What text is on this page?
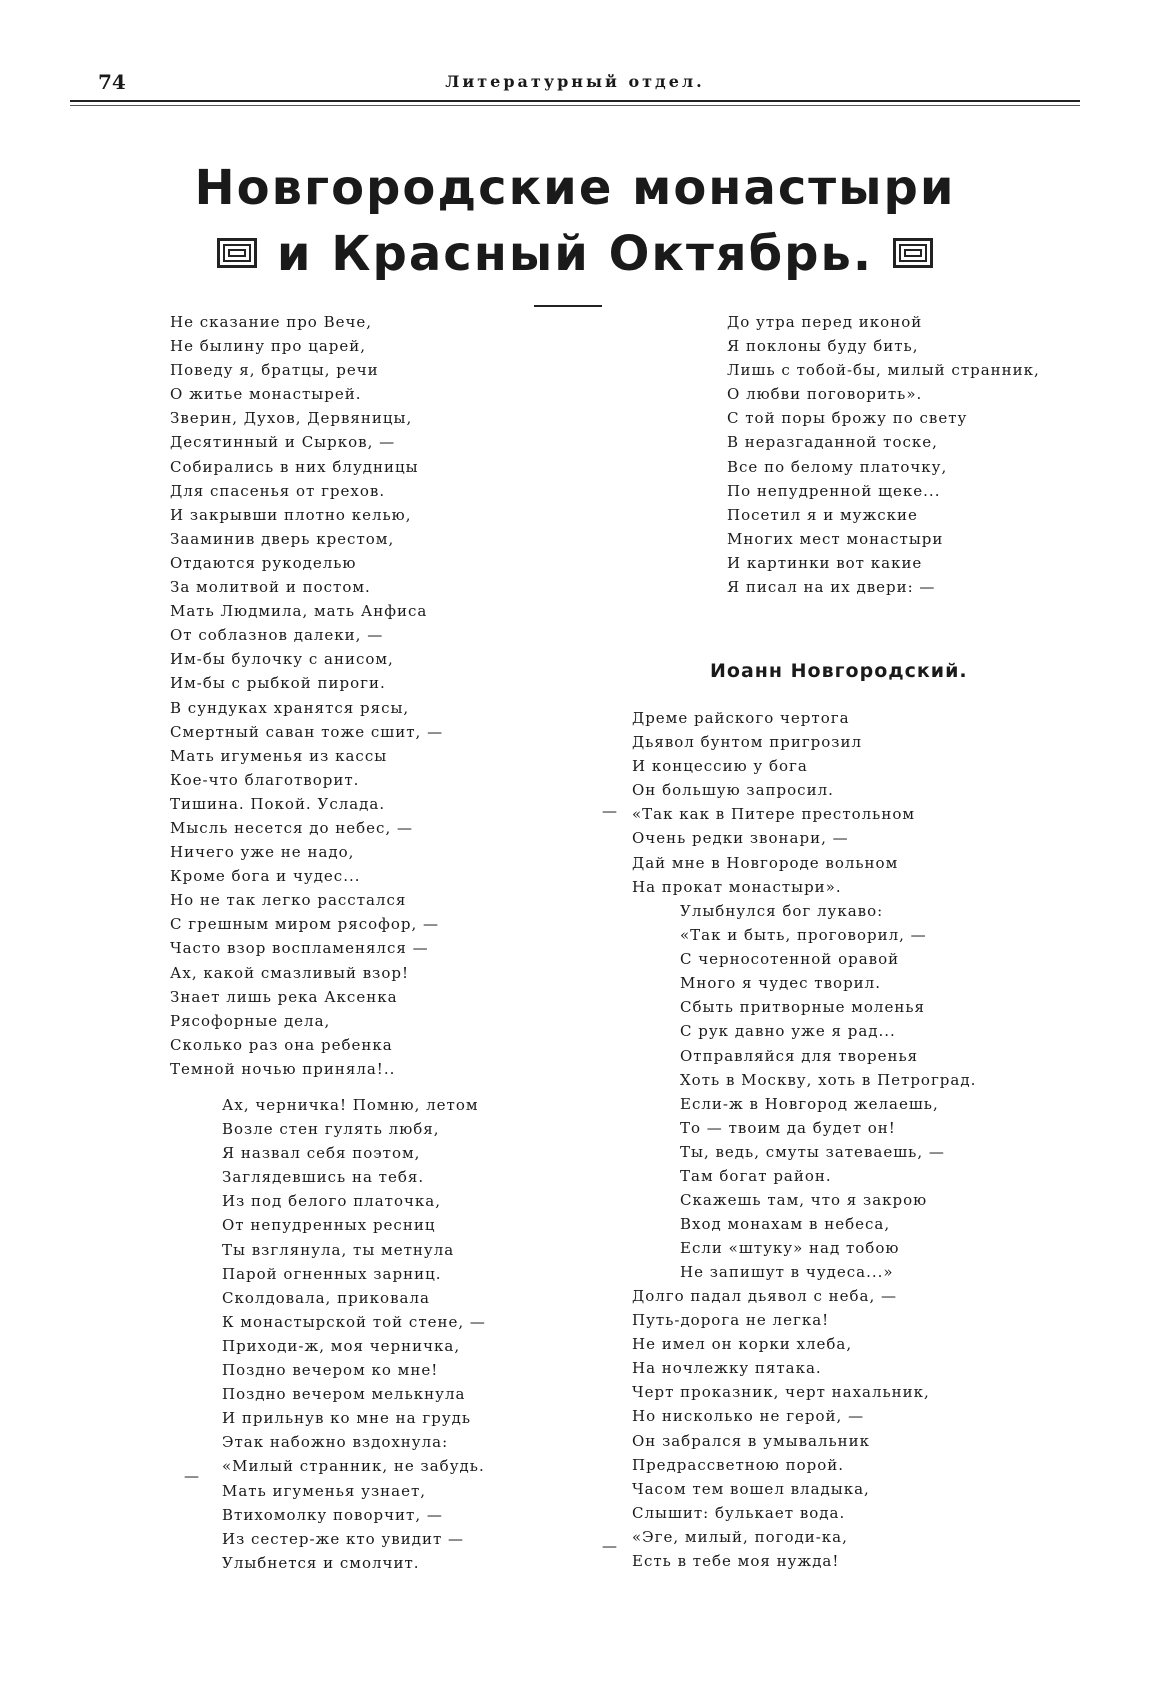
74	Литературный отдел.
Новгородские монастыри
и Красный Октябрь.
Не сказание про Вече,
Не былину про царей,
Поведу я, братцы, речи
О житье монастырей.
Зверин, Духов, Дервяницы,
Десятинный и Сырков, —
Собирались в них блудницы
Для спасенья от грехов.
И закрывши плотно келью,
Зааминив дверь крестом,
Отдаются рукоделью
За молитвой и постом.
Мать Людмила, мать Анфиса
От соблазнов далеки, —
Им-бы булочку с анисом,
Им-бы с рыбкой пироги.
В сундуках хранятся рясы,
Смертный саван тоже сшит, —
Мать игуменья из кассы
Кое-что благотворит.
Тишина. Покой. Услада.
Мысль несется до небес, —
Ничего уже не надо,
Кроме бога и чудес...
Но не так легко расстался
С грешным миром рясофор, —
Часто взор воспламенялся —
Ах, какой смазливый взор!
Знает лишь река Аксенка
Рясофорные дела,
Сколько раз она ребенка
Темной ночью приняла!..
Ах, черничка! Помню, летом
Возле стен гулять любя,
Я назвал себя поэтом,
Заглядевшись на тебя.
Из под белого платочка,
От непудренных ресниц
Ты взглянула, ты метнула
Парой огненных зарниц.
Сколдовала, приковала
К монастырской той стене, —
Приходи-ж, моя черничка,
Поздно вечером ко мне!
Поздно вечером мелькнула
И прильнув ко мне на грудь
Этак набожно вздохнула:
«Милый странник, не забудь.
Мать игуменья узнает,
Втихомолку поворчит, —
Из сестер-же кто увидит —
Улыбнется и смолчит.
До утра перед иконой
Я поклоны буду бить,
Лишь с тобой-бы, милый странник,
О любви поговорить».
С той поры брожу по свету
В неразгаданной тоске,
Все по белому платочку,
По непудренной щеке...
Посетил я и мужские
Многих мест монастыри
И картинки вот какие
Я писал на их двери: —
Иоанн Новгородский.
Дреме райского чертога
Дьявол бунтом пригрозил
И концессию у бога
Он большую запросил.
«Так как в Питере престольном
Очень редки звонари, —
Дай мне в Новгороде вольном
На прокат монастыри».
Улыбнулся бог лукаво:
«Так и быть, проговорил, —
С черносотенной оравой
Много я чудес творил.
Сбыть притворные моленья
С рук давно уже я рад...
Отправляйся для творенья
Хоть в Москву, хоть в Петроград.
Если-ж в Новгород желаешь,
То — твоим да будет он!
Ты, ведь, смуты затеваешь, —
Там богат район.
Скажешь там, что я закрою
Вход монахам в небеса,
Если «штуку» над тобою
Не запишут в чудеса...»
Долго падал дьявол с неба, —
Путь-дорога не легка!
Не имел он корки хлеба,
На ночлежку пятака.
Черт проказник, черт нахальник,
Но нисколько не герой, —
Он забрался в умывальник
Предрассветною порой.
Часом тем вошел владыка,
Слышит: булькает вода.
«Эге, милый, погоди-ка,
Есть в тебе моя нужда!
—
—
—
